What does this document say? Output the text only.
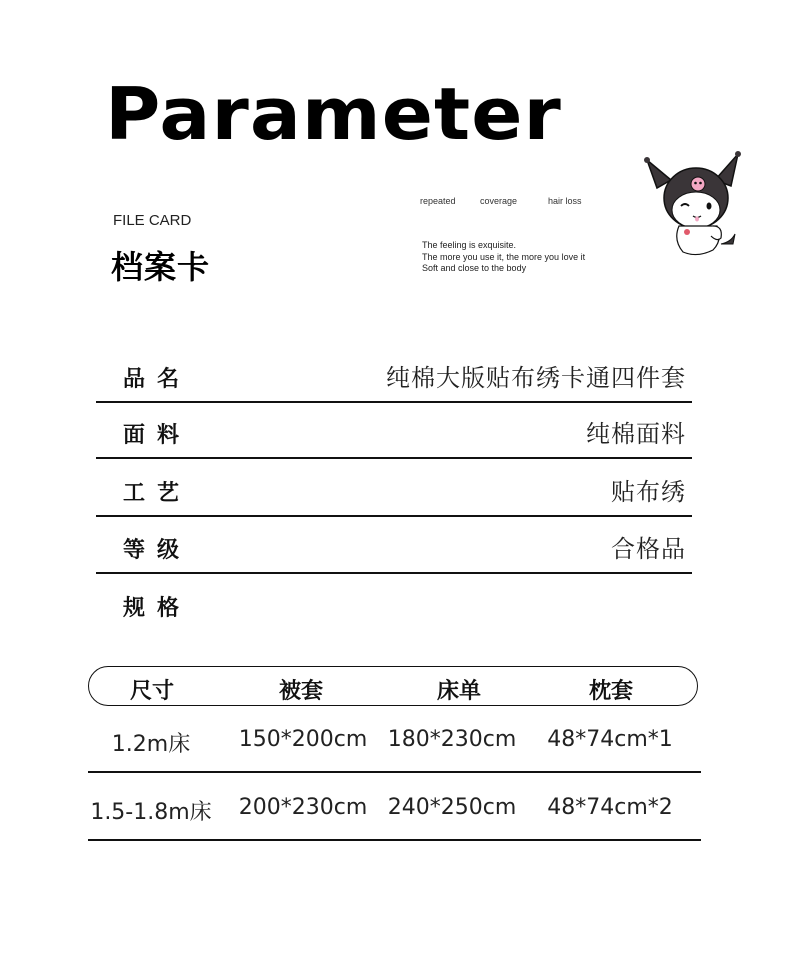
Parameter
FILE CARD
档案卡
repeated	coverage	hair loss
The feeling is exquisite.
The more you use it, the more you love it
Soft and close to the body
品名	纯棉大版贴布绣卡通四件套
面料	纯棉面料
工艺	贴布绣
等级	合格品
规格
尺寸	被套	床单	枕套
1.2m床 150*200cm 180*230cm 48*74cm*1
1.5-1.8m床 200*230cm 240*250cm 48*74cm*2
